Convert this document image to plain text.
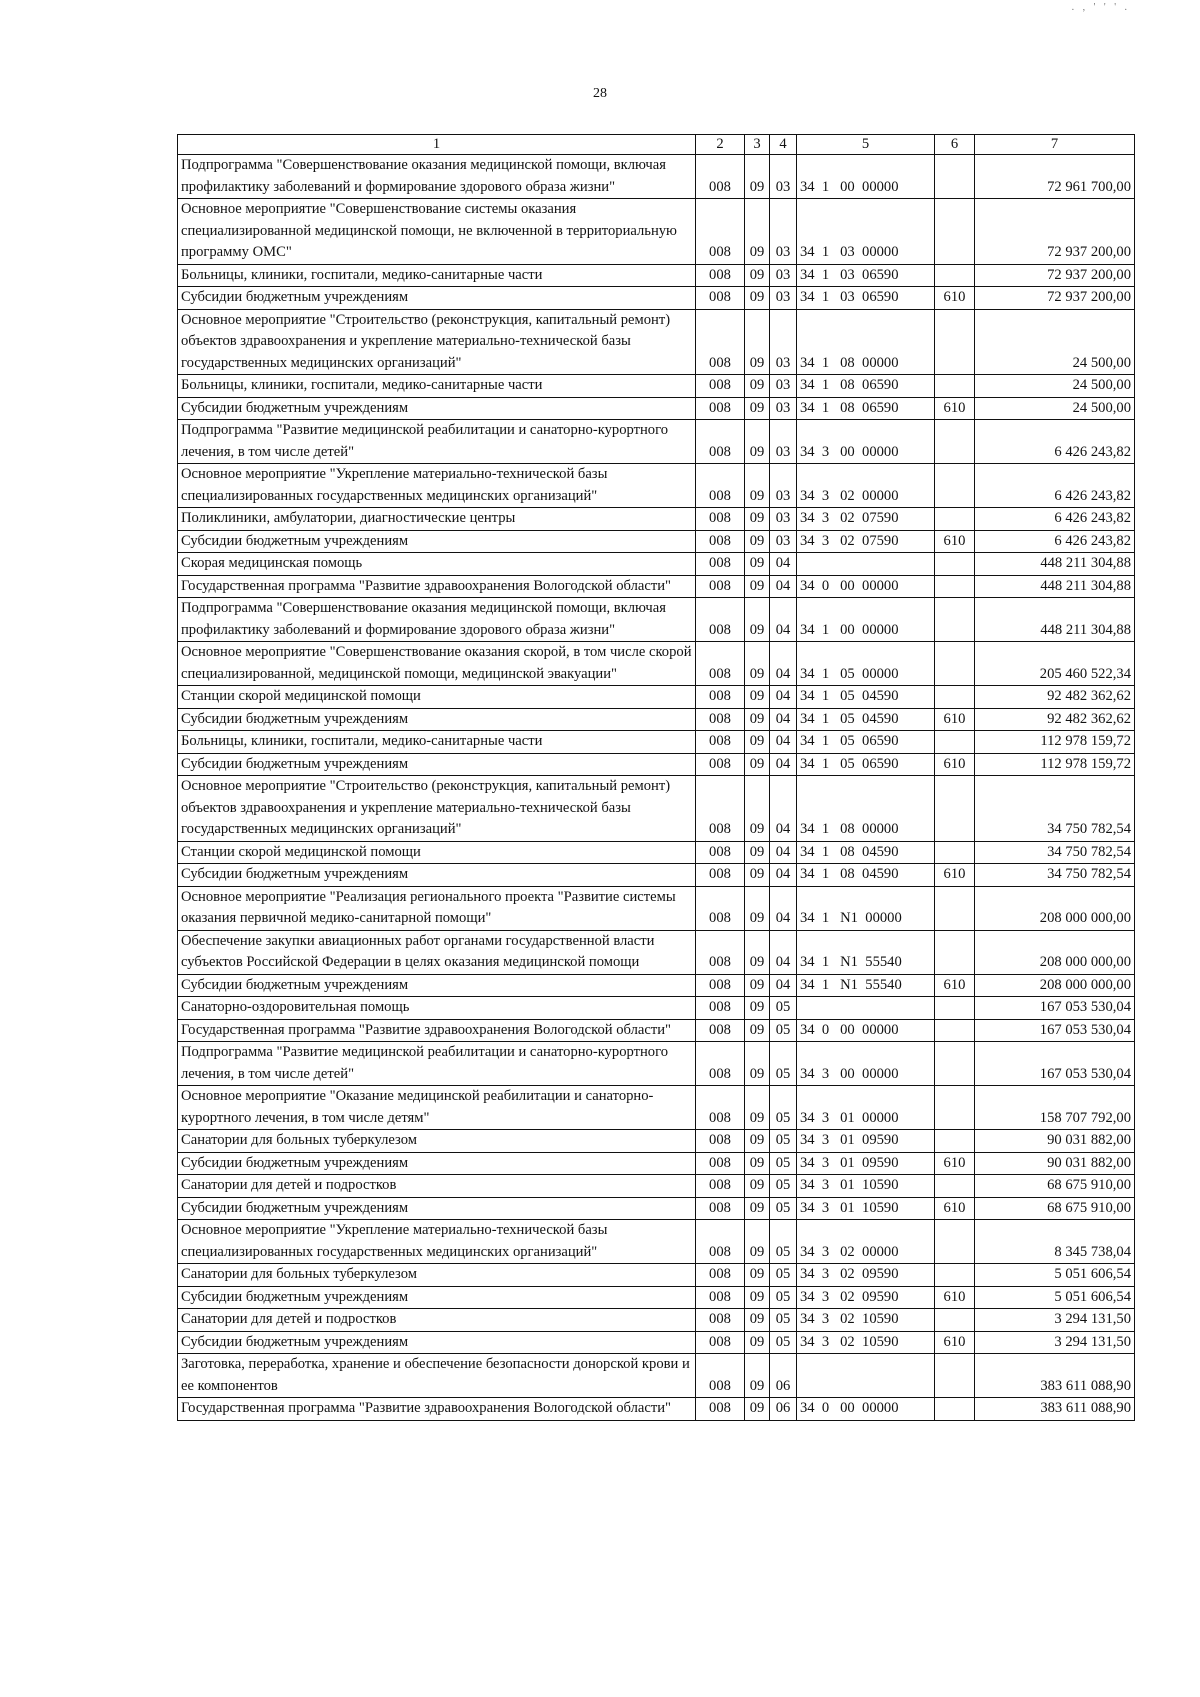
. , ' ' ' .
28
1	2	3	4	5	6	7
Подпрограмма "Совершенствование оказания медицинской помощи, включая профилактику заболеваний и формирование здорового образа жизни"	008	09	03	34  1   00  00000		72 961 700,00
Основное мероприятие "Совершенствование системы оказания специализированной медицинской помощи, не включенной в территориальную программу ОМС"	008	09	03	34  1   03  00000		72 937 200,00
Больницы, клиники, госпитали, медико-санитарные части	008	09	03	34  1   03  06590		72 937 200,00
Субсидии бюджетным учреждениям	008	09	03	34  1   03  06590	610	72 937 200,00
Основное мероприятие "Строительство (реконструкция, капитальный ремонт) объектов здравоохранения и укрепление материально-технической базы государственных медицинских организаций"	008	09	03	34  1   08  00000		24 500,00
Больницы, клиники, госпитали, медико-санитарные части	008	09	03	34  1   08  06590		24 500,00
Субсидии бюджетным учреждениям	008	09	03	34  1   08  06590	610	24 500,00
Подпрограмма "Развитие медицинской реабилитации и санаторно-курортного лечения, в том числе детей"	008	09	03	34  3   00  00000		6 426 243,82
Основное мероприятие "Укрепление материально-технической базы специализированных государственных медицинских организаций"	008	09	03	34  3   02  00000		6 426 243,82
Поликлиники, амбулатории, диагностические центры	008	09	03	34  3   02  07590		6 426 243,82
Субсидии бюджетным учреждениям	008	09	03	34  3   02  07590	610	6 426 243,82
Скорая медицинская помощь	008	09	04			448 211 304,88
Государственная программа "Развитие здравоохранения Вологодской области"	008	09	04	34  0   00  00000		448 211 304,88
Подпрограмма "Совершенствование оказания медицинской помощи, включая профилактику заболеваний и формирование здорового образа жизни"	008	09	04	34  1   00  00000		448 211 304,88
Основное мероприятие "Совершенствование оказания скорой, в том числе скорой специализированной, медицинской помощи, медицинской эвакуации"	008	09	04	34  1   05  00000		205 460 522,34
Станции скорой медицинской помощи	008	09	04	34  1   05  04590		92 482 362,62
Субсидии бюджетным учреждениям	008	09	04	34  1   05  04590	610	92 482 362,62
Больницы, клиники, госпитали, медико-санитарные части	008	09	04	34  1   05  06590		112 978 159,72
Субсидии бюджетным учреждениям	008	09	04	34  1   05  06590	610	112 978 159,72
Основное мероприятие "Строительство (реконструкция, капитальный ремонт) объектов здравоохранения и укрепление материально-технической базы государственных медицинских организаций"	008	09	04	34  1   08  00000		34 750 782,54
Станции скорой медицинской помощи	008	09	04	34  1   08  04590		34 750 782,54
Субсидии бюджетным учреждениям	008	09	04	34  1   08  04590	610	34 750 782,54
Основное мероприятие "Реализация регионального проекта "Развитие системы оказания первичной медико-санитарной помощи"	008	09	04	34  1   N1  00000		208 000 000,00
Обеспечение закупки авиационных работ органами государственной власти субъектов Российской Федерации в целях оказания медицинской помощи	008	09	04	34  1   N1  55540		208 000 000,00
Субсидии бюджетным учреждениям	008	09	04	34  1   N1  55540	610	208 000 000,00
Санаторно-оздоровительная помощь	008	09	05			167 053 530,04
Государственная программа "Развитие здравоохранения Вологодской области"	008	09	05	34  0   00  00000		167 053 530,04
Подпрограмма "Развитие медицинской реабилитации и санаторно-курортного лечения, в том числе детей"	008	09	05	34  3   00  00000		167 053 530,04
Основное мероприятие "Оказание медицинской реабилитации и санаторно-курортного лечения, в том числе детям"	008	09	05	34  3   01  00000		158 707 792,00
Санатории для больных туберкулезом	008	09	05	34  3   01  09590		90 031 882,00
Субсидии бюджетным учреждениям	008	09	05	34  3   01  09590	610	90 031 882,00
Санатории для детей и подростков	008	09	05	34  3   01  10590		68 675 910,00
Субсидии бюджетным учреждениям	008	09	05	34  3   01  10590	610	68 675 910,00
Основное мероприятие "Укрепление материально-технической базы специализированных государственных медицинских организаций"	008	09	05	34  3   02  00000		8 345 738,04
Санатории для больных туберкулезом	008	09	05	34  3   02  09590		5 051 606,54
Субсидии бюджетным учреждениям	008	09	05	34  3   02  09590	610	5 051 606,54
Санатории для детей и подростков	008	09	05	34  3   02  10590		3 294 131,50
Субсидии бюджетным учреждениям	008	09	05	34  3   02  10590	610	3 294 131,50
Заготовка, переработка, хранение и обеспечение безопасности донорской крови и ее компонентов	008	09	06			383 611 088,90
Государственная программа "Развитие здравоохранения Вологодской области"	008	09	06	34  0   00  00000		383 611 088,90
